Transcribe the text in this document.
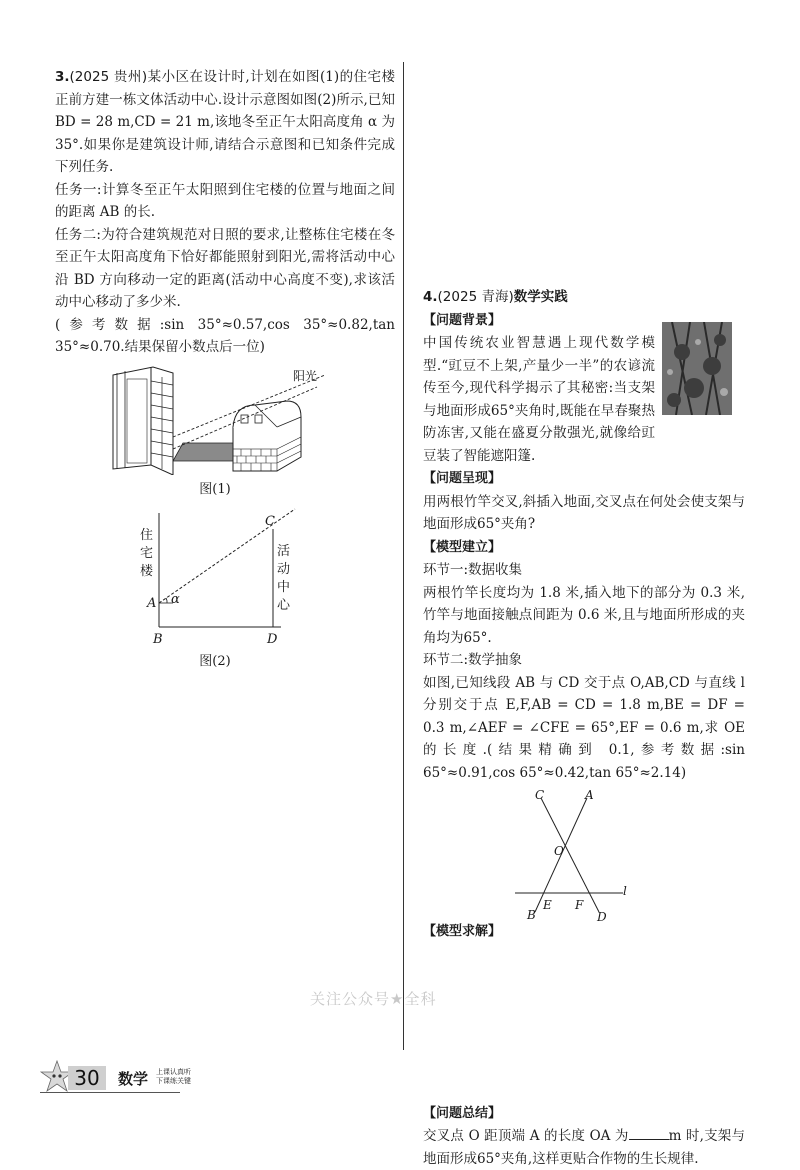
3.(2025 贵州)某小区在设计时,计划在如图(1)的住宅楼正前方建一栋文体活动中心.设计示意图如图(2)所示,已知 BD = 28 m,CD = 21 m,该地冬至正午太阳高度角 α 为 35°.如果你是建筑设计师,请结合示意图和已知条件完成下列任务.

任务一:计算冬至正午太阳照到住宅楼的位置与地面之间的距离 AB 的长.

任务二:为符合建筑规范对日照的要求,让整栋住宅楼在冬至正午太阳高度角下恰好都能照射到阳光,需将活动中心沿 BD 方向移动一定的距离(活动中心高度不变),求该活动中心移动了多少米.

(参考数据:sin 35°≈0.57,cos 35°≈0.82,tan 35°≈0.70.结果保留小数点后一位)

阳光
图(1)
住宅楼
活动中心
C
A α
B	D
图(2)

4.(2025 青海)数学实践

【问题背景】

中国传统农业智慧遇上现代数学模型.“豇豆不上架,产量少一半”的农谚流传至今,现代科学揭示了其秘密:当支架与地面形成65°夹角时,既能在早春聚热防冻害,又能在盛夏分散强光,就像给豇豆装了智能遮阳篷.

【问题呈现】

用两根竹竿交叉,斜插入地面,交叉点在何处会使支架与地面形成65°夹角?

【模型建立】

环节一:数据收集

两根竹竿长度均为 1.8 米,插入地下的部分为 0.3 米,竹竿与地面接触点间距为 0.6 米,且与地面所形成的夹角均为65°.

环节二:数学抽象

如图,已知线段 AB 与 CD 交于点 O,AB,CD 与直线 l 分别交于点 E,F,AB = CD = 1.8 m,BE = DF = 0.3 m,∠AEF = ∠CFE = 65°,EF = 0.6 m,求 OE 的长度.(结果精确到 0.1,参考数据:sin 65°≈0.91,cos 65°≈0.42,tan 65°≈2.14)

C	A
O
l
E F
B	D
【模型求解】
【问题总结】

交叉点 O 距顶端 A 的长度 OA 为	m 时,支架与地面形成65°夹角,这样更贴合作物的生长规律.

关注公众号★全科
30	数学 上课认真听
下课练关键
